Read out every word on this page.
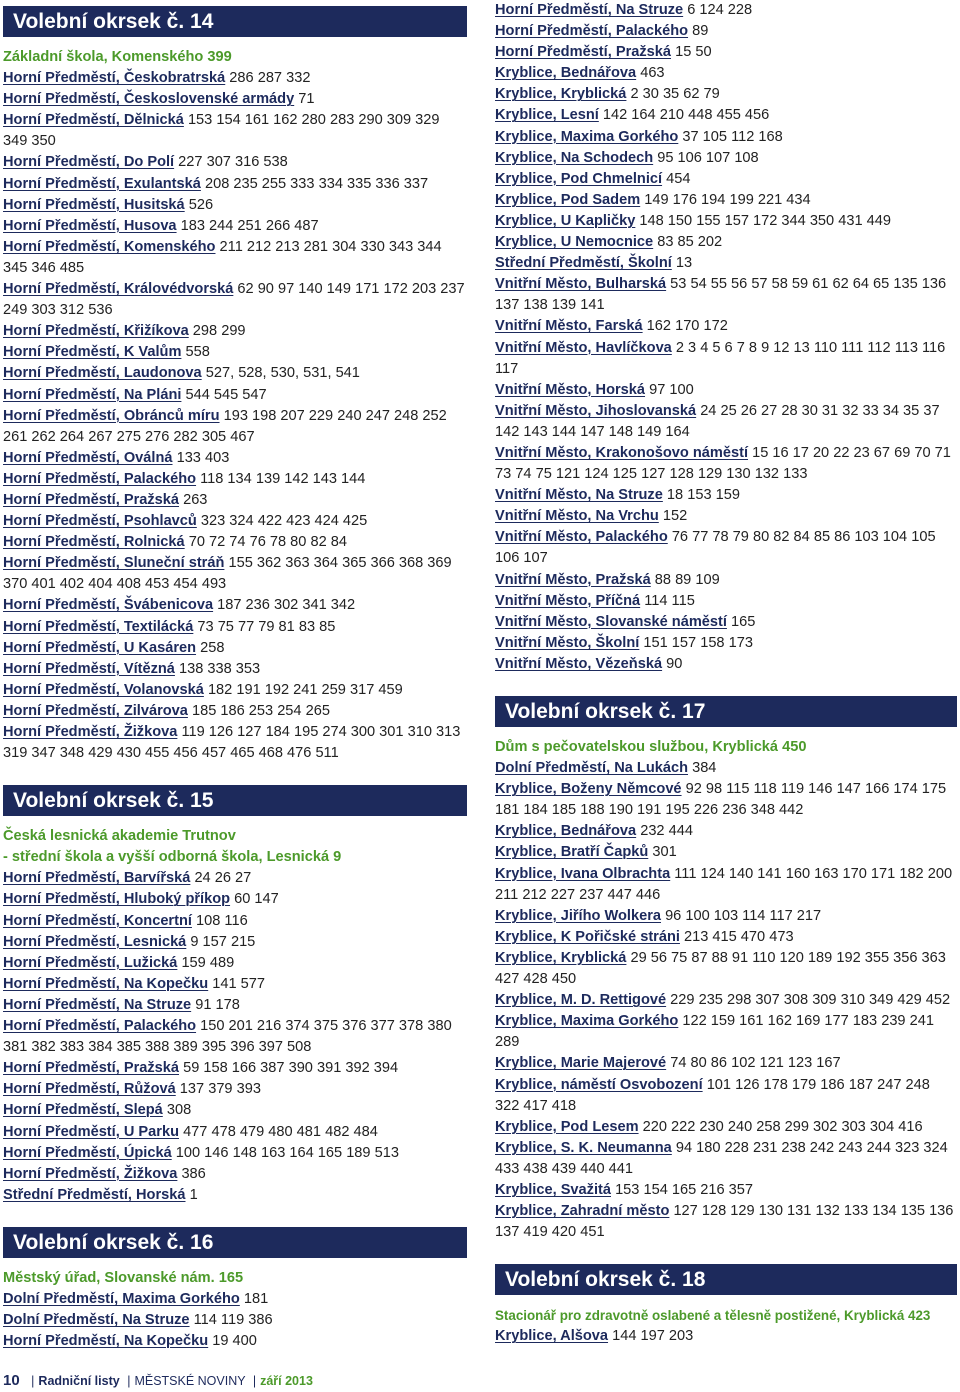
Volební okrsek č. 14

Základní škola, Komenského 399

Horní Předměstí, Českobratrská 286 287 332

Horní Předměstí, Československé armády 71

Horní Předměstí, Dělnická 153 154 161 162 280 283 290 309 329 349 350

Horní Předměstí, Do Polí 227 307 316 538

Horní Předměstí, Exulantská 208 235 255 333 334 335 336 337

Horní Předměstí, Husitská 526

Horní Předměstí, Husova 183 244 251 266 487

Horní Předměstí, Komenského 211 212 213 281 304 330 343 344 345 346 485

Horní Předměstí, Královédvorská 62 90 97 140 149 171 172 203 237 249 303 312 536

Horní Předměstí, Křižíkova 298 299

Horní Předměstí, K Valům 558

Horní Předměstí, Laudonova 527, 528, 530, 531, 541

Horní Předměstí, Na Pláni 544 545 547

Horní Předměstí, Obránců míru 193 198 207 229 240 247 248 252 261 262 264 267 275 276 282 305 467

Horní Předměstí, Oválná 133 403

Horní Předměstí, Palackého 118 134 139 142 143 144

Horní Předměstí, Pražská 263

Horní Předměstí, Psohlavců 323 324 422 423 424 425

Horní Předměstí, Rolnická 70 72 74 76 78 80 82 84

Horní Předměstí, Sluneční stráň 155 362 363 364 365 366 368 369 370 401 402 404 408 453 454 493

Horní Předměstí, Švábenicova 187 236 302 341 342

Horní Předměstí, Textilácká 73 75 77 79 81 83 85

Horní Předměstí, U Kasáren 258

Horní Předměstí, Vítězná 138 338 353

Horní Předměstí, Volanovská 182 191 192 241 259 317 459

Horní Předměstí, Zilvárova 185 186 253 254 265

Horní Předměstí, Žižkova 119 126 127 184 195 274 300 301 310 313 319 347 348 429 430 455 456 457 465 468 476 511

Volební okrsek č. 15

Česká lesnická akademie Trutnov

- střední škola a vyšší odborná škola, Lesnická 9

Horní Předměstí, Barvířská 24 26 27

Horní Předměstí, Hluboký příkop 60 147

Horní Předměstí, Koncertní 108 116

Horní Předměstí, Lesnická 9 157 215

Horní Předměstí, Lužická 159 489

Horní Předměstí, Na Kopečku 141 577

Horní Předměstí, Na Struze 91 178

Horní Předměstí, Palackého 150 201 216 374 375 376 377 378 380 381 382 383 384 385 388 389 395 396 397 508

Horní Předměstí, Pražská 59 158 166 387 390 391 392 394

Horní Předměstí, Růžová 137 379 393

Horní Předměstí, Slepá 308

Horní Předměstí, U Parku 477 478 479 480 481 482 484

Horní Předměstí, Úpická 100 146 148 163 164 165 189 513

Horní Předměstí, Žižkova 386

Střední Předměstí, Horská 1

Volební okrsek č. 16

Městský úřad, Slovanské nám. 165

Dolní Předměstí, Maxima Gorkého 181

Dolní Předměstí, Na Struze 114 119 386

Horní Předměstí, Na Kopečku 19 400

Horní Předměstí, Na Struze 6 124 228

Horní Předměstí, Palackého 89

Horní Předměstí, Pražská 15 50

Kryblice, Bednářova 463

Kryblice, Kryblická 2 30 35 62 79

Kryblice, Lesní 142 164 210 448 455 456

Kryblice, Maxima Gorkého 37 105 112 168

Kryblice, Na Schodech 95 106 107 108

Kryblice, Pod Chmelnicí 454

Kryblice, Pod Sadem 149 176 194 199 221 434

Kryblice, U Kapličky 148 150 155 157 172 344 350 431 449

Kryblice, U Nemocnice 83 85 202

Střední Předměstí, Školní 13

Vnitřní Město, Bulharská 53 54 55 56 57 58 59 61 62 64 65 135 136 137 138 139 141

Vnitřní Město, Farská 162 170 172

Vnitřní Město, Havlíčkova 2 3 4 5 6 7 8 9 12 13 110 111 112 113 116 117

Vnitřní Město, Horská 97 100

Vnitřní Město, Jihoslovanská 24 25 26 27 28 30 31 32 33 34 35 37 142 143 144 147 148 149 164

Vnitřní Město, Krakonošovo náměstí 15 16 17 20 22 23 67 69 70 71 73 74 75 121 124 125 127 128 129 130 132 133

Vnitřní Město, Na Struze 18 153 159

Vnitřní Město, Na Vrchu 152

Vnitřní Město, Palackého 76 77 78 79 80 82 84 85 86 103 104 105 106 107

Vnitřní Město, Pražská 88 89 109

Vnitřní Město, Příčná 114 115

Vnitřní Město, Slovanské náměstí 165

Vnitřní Město, Školní 151 157 158 173

Vnitřní Město, Vězeňská 90

Volební okrsek č. 17

Dům s pečovatelskou službou, Kryblická 450

Dolní Předměstí, Na Lukách 384

Kryblice, Boženy Němcové 92 98 115 118 119 146 147 166 174 175 181 184 185 188 190 191 195 226 236 348 442

Kryblice, Bednářova 232 444

Kryblice, Bratří Čapků 301

Kryblice, Ivana Olbrachta 111 124 140 141 160 163 170 171 182 200 211 212 227 237 447 446

Kryblice, Jiřího Wolkera 96 100 103 114 117 217

Kryblice, K Pořičské stráni 213 415 470 473

Kryblice, Kryblická 29 56 75 87 88 91 110 120 189 192 355 356 363 427 428 450

Kryblice, M. D. Rettigové 229 235 298 307 308 309 310 349 429 452

Kryblice, Maxima Gorkého 122 159 161 162 169 177 183 239 241 289

Kryblice, Marie Majerové 74 80 86 102 121 123 167

Kryblice, náměstí Osvobození 101 126 178 179 186 187 247 248 322 417 418

Kryblice, Pod Lesem 220 222 230 240 258 299 302 303 304 416

Kryblice, S. K. Neumanna 94 180 228 231 238 242 243 244 323 324 433 438 439 440 441

Kryblice, Svažitá 153 154 165 216 357

Kryblice, Zahradní město 127 128 129 130 131 132 133 134 135 136 137 419 420 451

Volební okrsek č. 18

Stacionář pro zdravotně oslabené a tělesně postižené, Kryblická 423

Kryblice, Alšova 144 197 203

10 | Radniční listy | MĚSTSKÉ NOVINY | září 2013
